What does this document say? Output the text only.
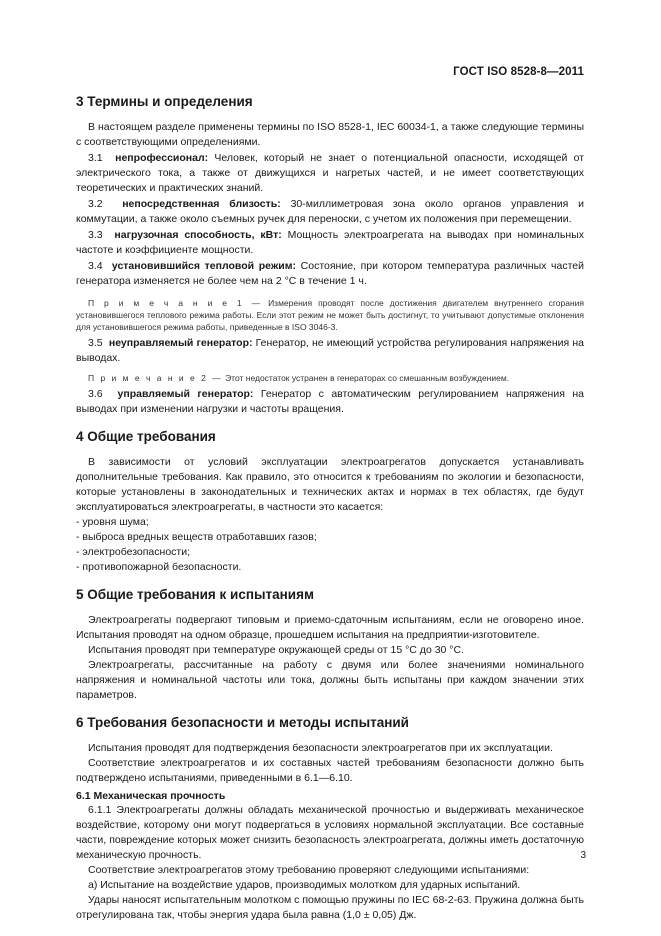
ГОСТ ISO 8528-8—2011
3 Термины и определения

В настоящем разделе применены термины по ISO 8528-1, IEC 60034-1, а также следующие термины с соответствующими определениями.

3.1 непрофессионал: Человек, который не знает о потенциальной опасности, исходящей от электрического тока, а также от движущихся и нагретых частей, и не имеет соответствующих теоретических и практических знаний.

3.2 непосредственная близость: 30-миллиметровая зона около органов управления и коммутации, а также около съемных ручек для переноски, с учетом их положения при перемещении.

3.3 нагрузочная способность, кВт: Мощность электроагрегата на выводах при номинальных частоте и коэффициенте мощности.

3.4 установившийся тепловой режим: Состояние, при котором температура различных частей генератора изменяется не более чем на 2 °С в течение 1 ч.

П р и м е ч а н и е 1 — Измерения проводят после достижения двигателем внутреннего сгорания установившегося теплового режима работы. Если этот режим не может быть достигнут, то учитывают допустимые отклонения для установившегося режима работы, приведенные в ISO 3046-3.

3.5 неуправляемый генератор: Генератор, не имеющий устройства регулирования напряжения на выводах.

П р и м е ч а н и е 2 — Этот недостаток устранен в генераторах со смешанным возбуждением.

3.6 управляемый генератор: Генератор с автоматическим регулированием напряжения на выводах при изменении нагрузки и частоты вращения.

4 Общие требования

В зависимости от условий эксплуатации электроагрегатов допускается устанавливать дополнительные требования. Как правило, это относится к требованиям по экологии и безопасности, которые установлены в законодательных и технических актах и нормах в тех областях, где будут эксплуатироваться электроагрегаты, в частности это касается:

- уровня шума;

- выброса вредных веществ отработавших газов;

- электробезопасности;

- противопожарной безопасности.

5 Общие требования к испытаниям

Электроагрегаты подвергают типовым и приемо-сдаточным испытаниям, если не оговорено иное. Испытания проводят на одном образце, прошедшем испытания на предприятии-изготовителе.

Испытания проводят при температуре окружающей среды от 15 °С до 30 °С.

Электроагрегаты, рассчитанные на работу с двумя или более значениями номинального напряжения и номинальной частоты или тока, должны быть испытаны при каждом значении этих параметров.

6 Требования безопасности и методы испытаний

Испытания проводят для подтверждения безопасности электроагрегатов при их эксплуатации.

Соответствие электроагрегатов и их составных частей требованиям безопасности должно быть подтверждено испытаниями, приведенными в 6.1—6.10.

6.1 Механическая прочность

6.1.1 Электроагрегаты должны обладать механической прочностью и выдерживать механическое воздействие, которому они могут подвергаться в условиях нормальной эксплуатации. Все составные части, повреждение которых может снизить безопасность электроагрегата, должны иметь достаточную механическую прочность.

Соответствие электроагрегатов этому требованию проверяют следующими испытаниями:

а) Испытание на воздействие ударов, производимых молотком для ударных испытаний.

Удары наносят испытательным молотком с помощью пружины по IEC 68-2-63. Пружина должна быть отрегулирована так, чтобы энергия удара была равна (1,0 ± 0,05) Дж.

3
